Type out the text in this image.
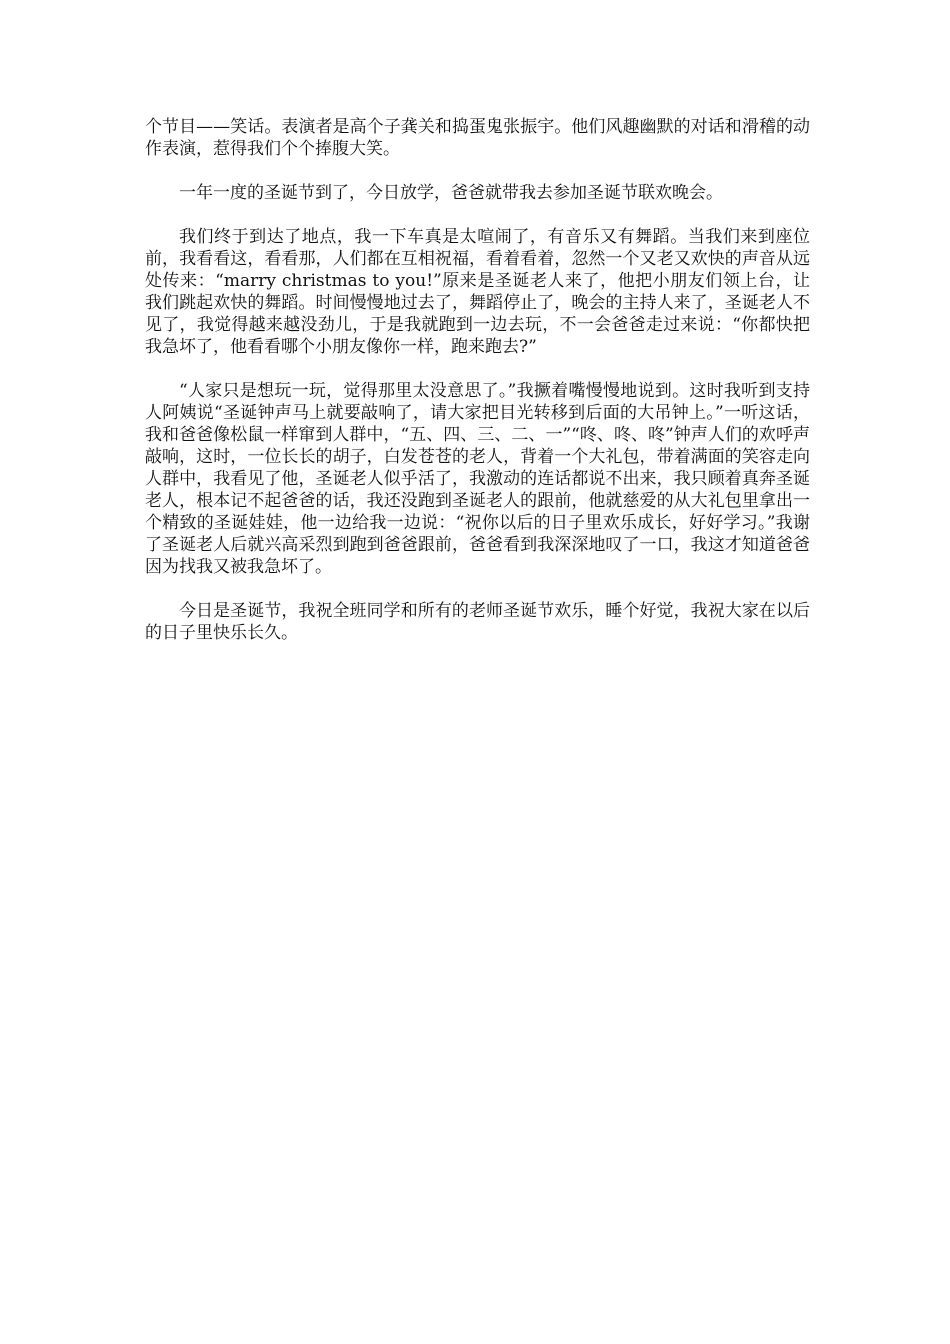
个节目——笑话。表演者是高个子龚关和捣蛋鬼张振宇。他们风趣幽默的对话和滑稽的动作表演，惹得我们个个捧腹大笑。

一年一度的圣诞节到了，今日放学，爸爸就带我去参加圣诞节联欢晚会。

我们终于到达了地点，我一下车真是太喧闹了，有音乐又有舞蹈。当我们来到座位前，我看看这，看看那，人们都在互相祝福，看着看着，忽然一个又老又欢快的声音从远处传来：“marry christmas to you!”原来是圣诞老人来了，他把小朋友们领上台，让我们跳起欢快的舞蹈。时间慢慢地过去了，舞蹈停止了，晚会的主持人来了，圣诞老人不见了，我觉得越来越没劲儿，于是我就跑到一边去玩，不一会爸爸走过来说：“你都快把我急坏了，他看看哪个小朋友像你一样，跑来跑去?”

“人家只是想玩一玩，觉得那里太没意思了。”我撅着嘴慢慢地说到。这时我听到支持人阿姨说“圣诞钟声马上就要敲响了，请大家把目光转移到后面的大吊钟上。”一听这话，我和爸爸像松鼠一样窜到人群中，“五、四、三、二、一”“咚、咚、咚”钟声人们的欢呼声敲响，这时，一位长长的胡子，白发苍苍的老人，背着一个大礼包，带着满面的笑容走向人群中，我看见了他，圣诞老人似乎活了，我激动的连话都说不出来，我只顾着真奔圣诞老人，根本记不起爸爸的话，我还没跑到圣诞老人的跟前，他就慈爱的从大礼包里拿出一个精致的圣诞娃娃，他一边给我一边说：“祝你以后的日子里欢乐成长，好好学习。”我谢了圣诞老人后就兴高采烈到跑到爸爸跟前，爸爸看到我深深地叹了一口，我这才知道爸爸因为找我又被我急坏了。

今日是圣诞节，我祝全班同学和所有的老师圣诞节欢乐，睡个好觉，我祝大家在以后的日子里快乐长久。
